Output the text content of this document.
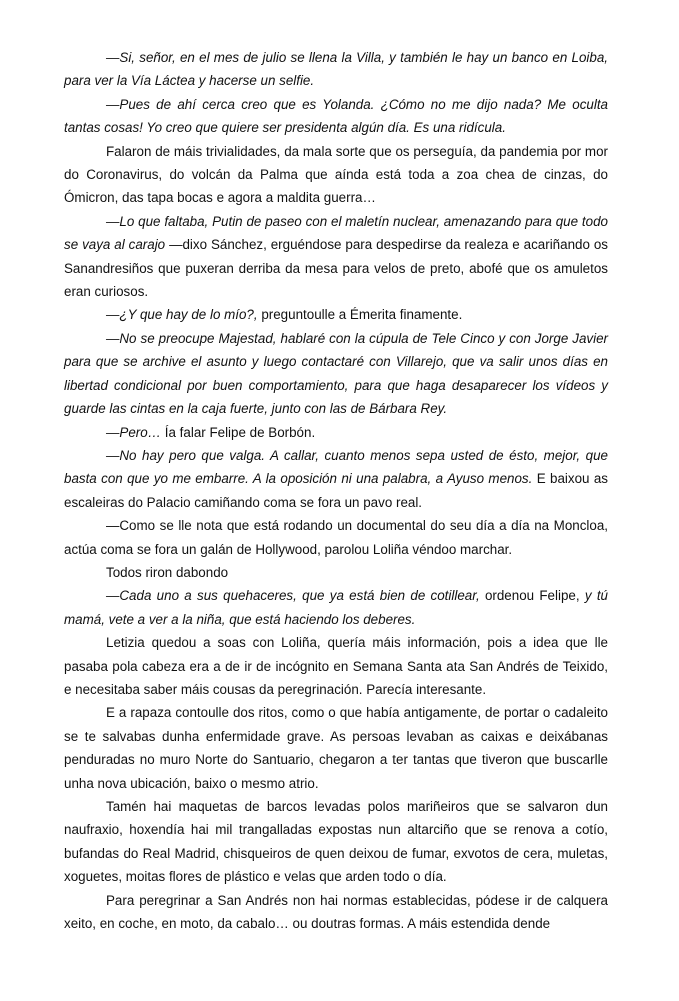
—Si, señor, en el mes de julio se llena la Villa, y también le hay un banco en Loiba, para ver la Vía Láctea y hacerse un selfie.

—Pues de ahí cerca creo que es Yolanda. ¿Cómo no me dijo nada? Me oculta tantas cosas! Yo creo que quiere ser presidenta algún día. Es una ridícula.

Falaron de máis trivialidades, da mala sorte que os perseguía, da pandemia por mor do Coronavirus, do volcán da Palma que aínda está toda a zoa chea de cinzas, do Ómicron, das tapa bocas e agora a maldita guerra…

—Lo que faltaba, Putin de paseo con el maletín nuclear, amenazando para que todo se vaya al carajo —dixo Sánchez, erguéndose para despedirse da realeza e acariñando os Sanandresiños que puxeran derriba da mesa para velos de preto, abofé que os amuletos eran curiosos.

—¿Y que hay de lo mío?, preguntoulle a Émerita finamente.

—No se preocupe Majestad, hablaré con la cúpula de Tele Cinco y con Jorge Javier para que se archive el asunto y luego contactaré con Villarejo, que va salir unos días en libertad condicional por buen comportamiento, para que haga desaparecer los vídeos y guarde las cintas en la caja fuerte, junto con las de Bárbara Rey.

—Pero… Ía falar Felipe de Borbón.

—No hay pero que valga. A callar, cuanto menos sepa usted de ésto, mejor, que basta con que yo me embarre. A la oposición ni una palabra, a Ayuso menos. E baixou as escaleiras do Palacio camiñando coma se fora un pavo real.

—Como se lle nota que está rodando un documental do seu día a día na Moncloa, actúa coma se fora un galán de Hollywood, parolou Loliña véndoo marchar.

Todos riron dabondo

—Cada uno a sus quehaceres, que ya está bien de cotillear, ordenou Felipe, y tú mamá, vete a ver a la niña, que está haciendo los deberes.

Letizia quedou a soas con Loliña, quería máis información, pois a idea que lle pasaba pola cabeza era a de ir de incógnito en Semana Santa ata San Andrés de Teixido, e necesitaba saber máis cousas da peregrinación. Parecía interesante.

E a rapaza contoulle dos ritos, como o que había antigamente, de portar o cadaleito se te salvabas dunha enfermidade grave. As persoas levaban as caixas e deixábanas penduradas no muro Norte do Santuario, chegaron a ter tantas que tiveron que buscarlle unha nova ubicación, baixo o mesmo atrio.

Tamén hai maquetas de barcos levadas polos mariñeiros que se salvaron dun naufraxio, hoxendía hai mil trangalladas expostas nun altarciño que se renova a cotío, bufandas do Real Madrid, chisqueiros de quen deixou de fumar, exvotos de cera, muletas, xoguetes, moitas flores de plástico e velas que arden todo o día.

Para peregrinar a San Andrés non hai normas establecidas, pódese ir de calquera xeito, en coche, en moto, da cabalo… ou doutras formas. A máis estendida dende
